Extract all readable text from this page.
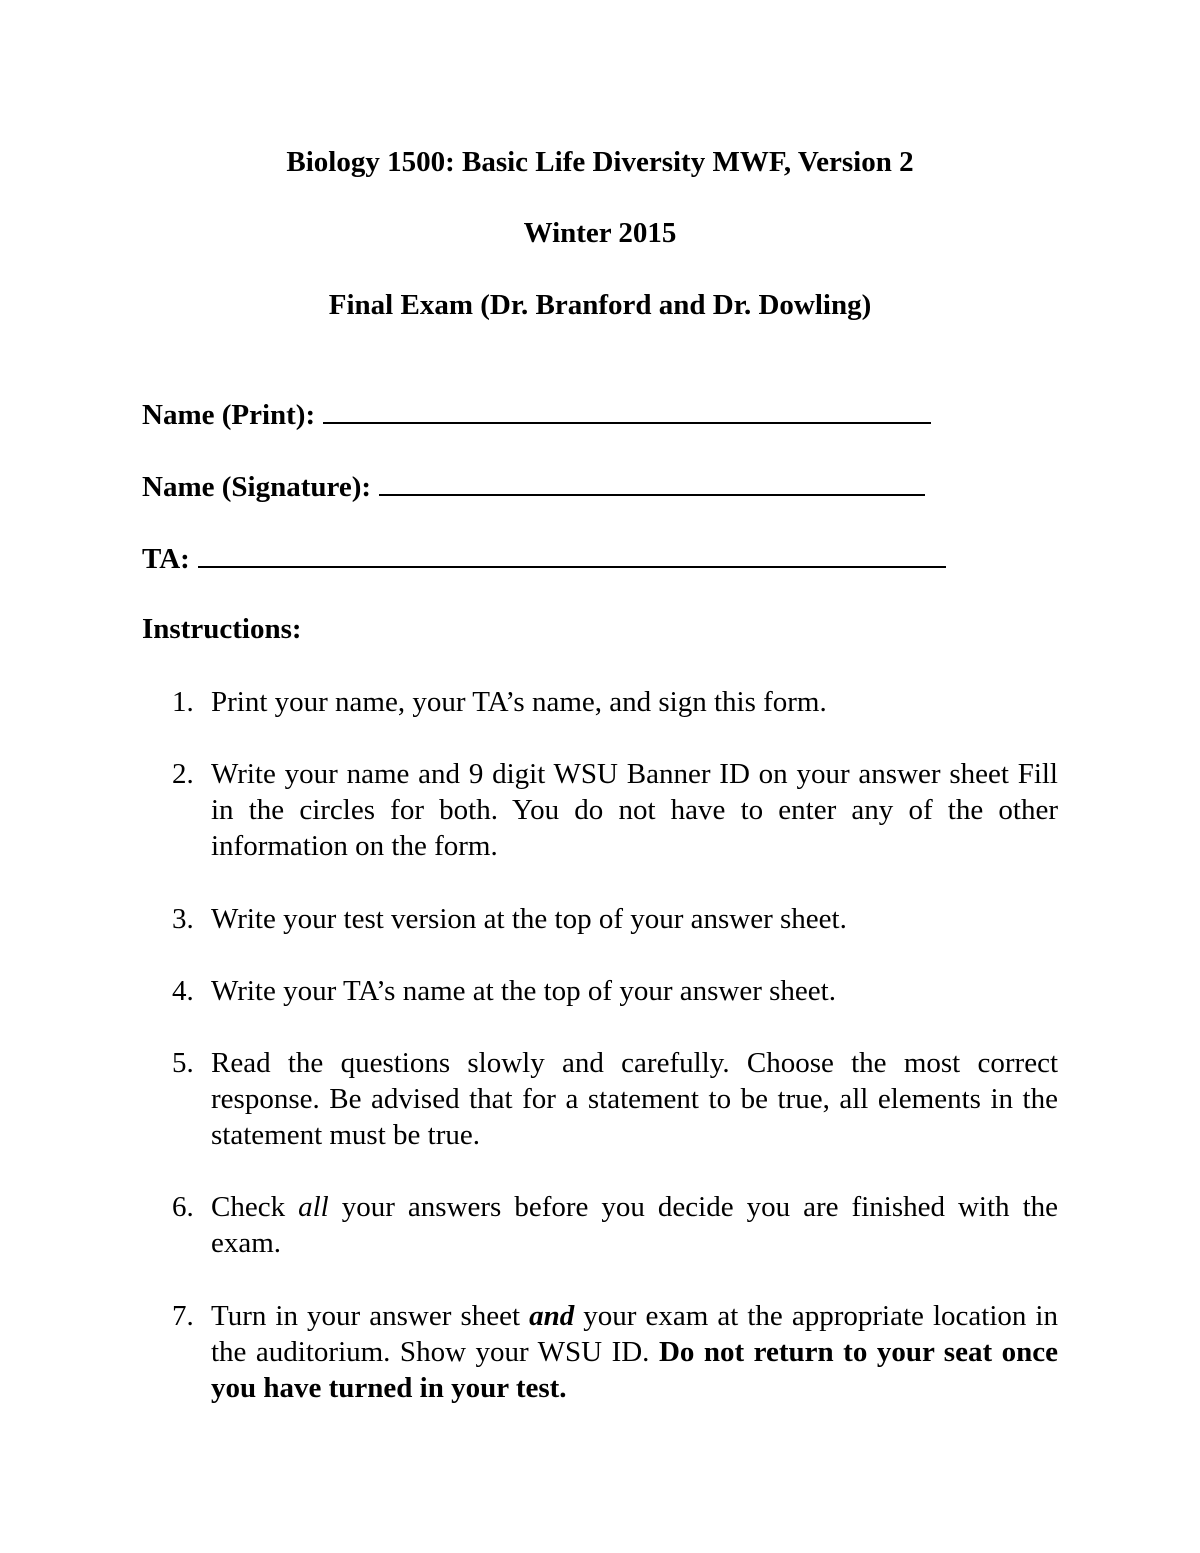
Biology 1500: Basic Life Diversity MWF, Version 2
Winter 2015
Final Exam (Dr. Branford and Dr. Dowling)
Name (Print):
Name (Signature):
TA:
Instructions:
1. Print your name, your TA’s name, and sign this form.
2. Write your name and 9 digit WSU Banner ID on your answer sheet Fill in the circles for both. You do not have to enter any of the other information on the form.
3. Write your test version at the top of your answer sheet.
4. Write your TA’s name at the top of your answer sheet.
5. Read the questions slowly and carefully. Choose the most correct response. Be advised that for a statement to be true, all elements in the statement must be true.
6. Check all your answers before you decide you are finished with the exam.
7. Turn in your answer sheet and your exam at the appropriate location in the auditorium. Show your WSU ID. Do not return to your seat once you have turned in your test.
